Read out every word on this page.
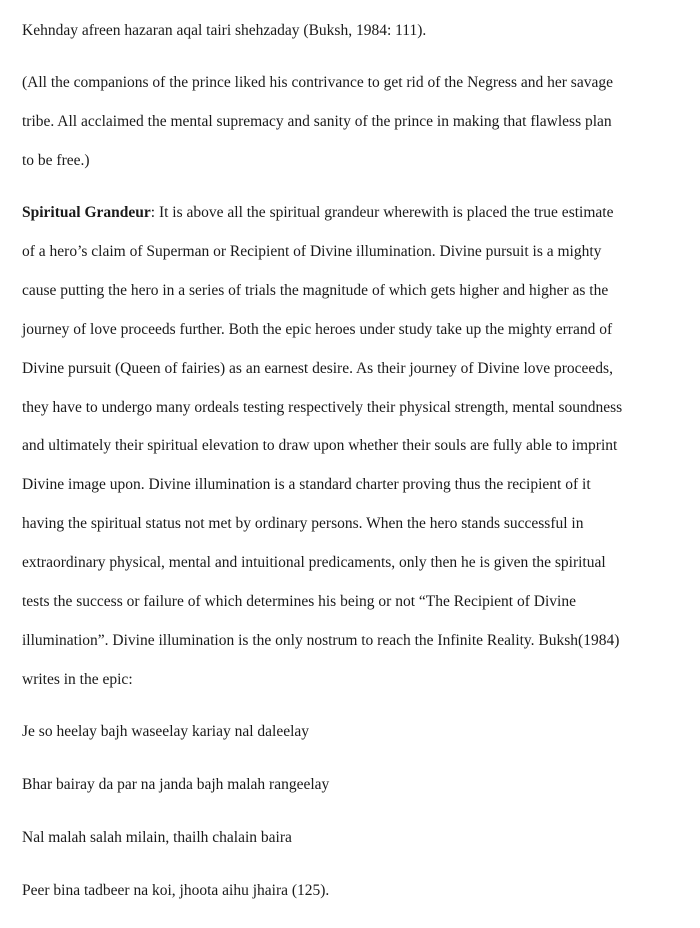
Kehnday afreen hazaran aqal tairi shehzaday (Buksh, 1984: 111).
(All the companions of the prince liked his contrivance to get rid of the Negress and her savage
tribe. All acclaimed the mental supremacy and sanity of the prince in making that flawless plan
to be free.)
Spiritual Grandeur: It is above all the spiritual grandeur wherewith is placed the true estimate
of a hero’s claim of Superman or Recipient of Divine illumination. Divine pursuit is a mighty
cause putting the hero in a series of trials the magnitude of which gets higher and higher as the
journey of love proceeds further. Both the epic heroes under study take up the mighty errand of
Divine pursuit (Queen of fairies) as an earnest desire. As their journey of Divine love proceeds,
they have to undergo many ordeals testing respectively their physical strength, mental soundness
and ultimately their spiritual elevation to draw upon whether their souls are fully able to imprint
Divine image upon. Divine illumination is a standard charter proving thus the recipient of it
having the spiritual status not met by ordinary persons. When the hero stands successful in
extraordinary physical, mental and intuitional predicaments, only then he is given the spiritual
tests the success or failure of which determines his being or not “The Recipient of Divine
illumination”. Divine illumination is the only nostrum to reach the Infinite Reality. Buksh(1984)
writes in the epic:
Je so heelay bajh waseelay kariay nal daleelay
Bhar bairay da par na janda bajh malah rangeelay
Nal malah salah milain, thailh chalain baira
Peer bina tadbeer na koi, jhoota aihu jhaira (125).
